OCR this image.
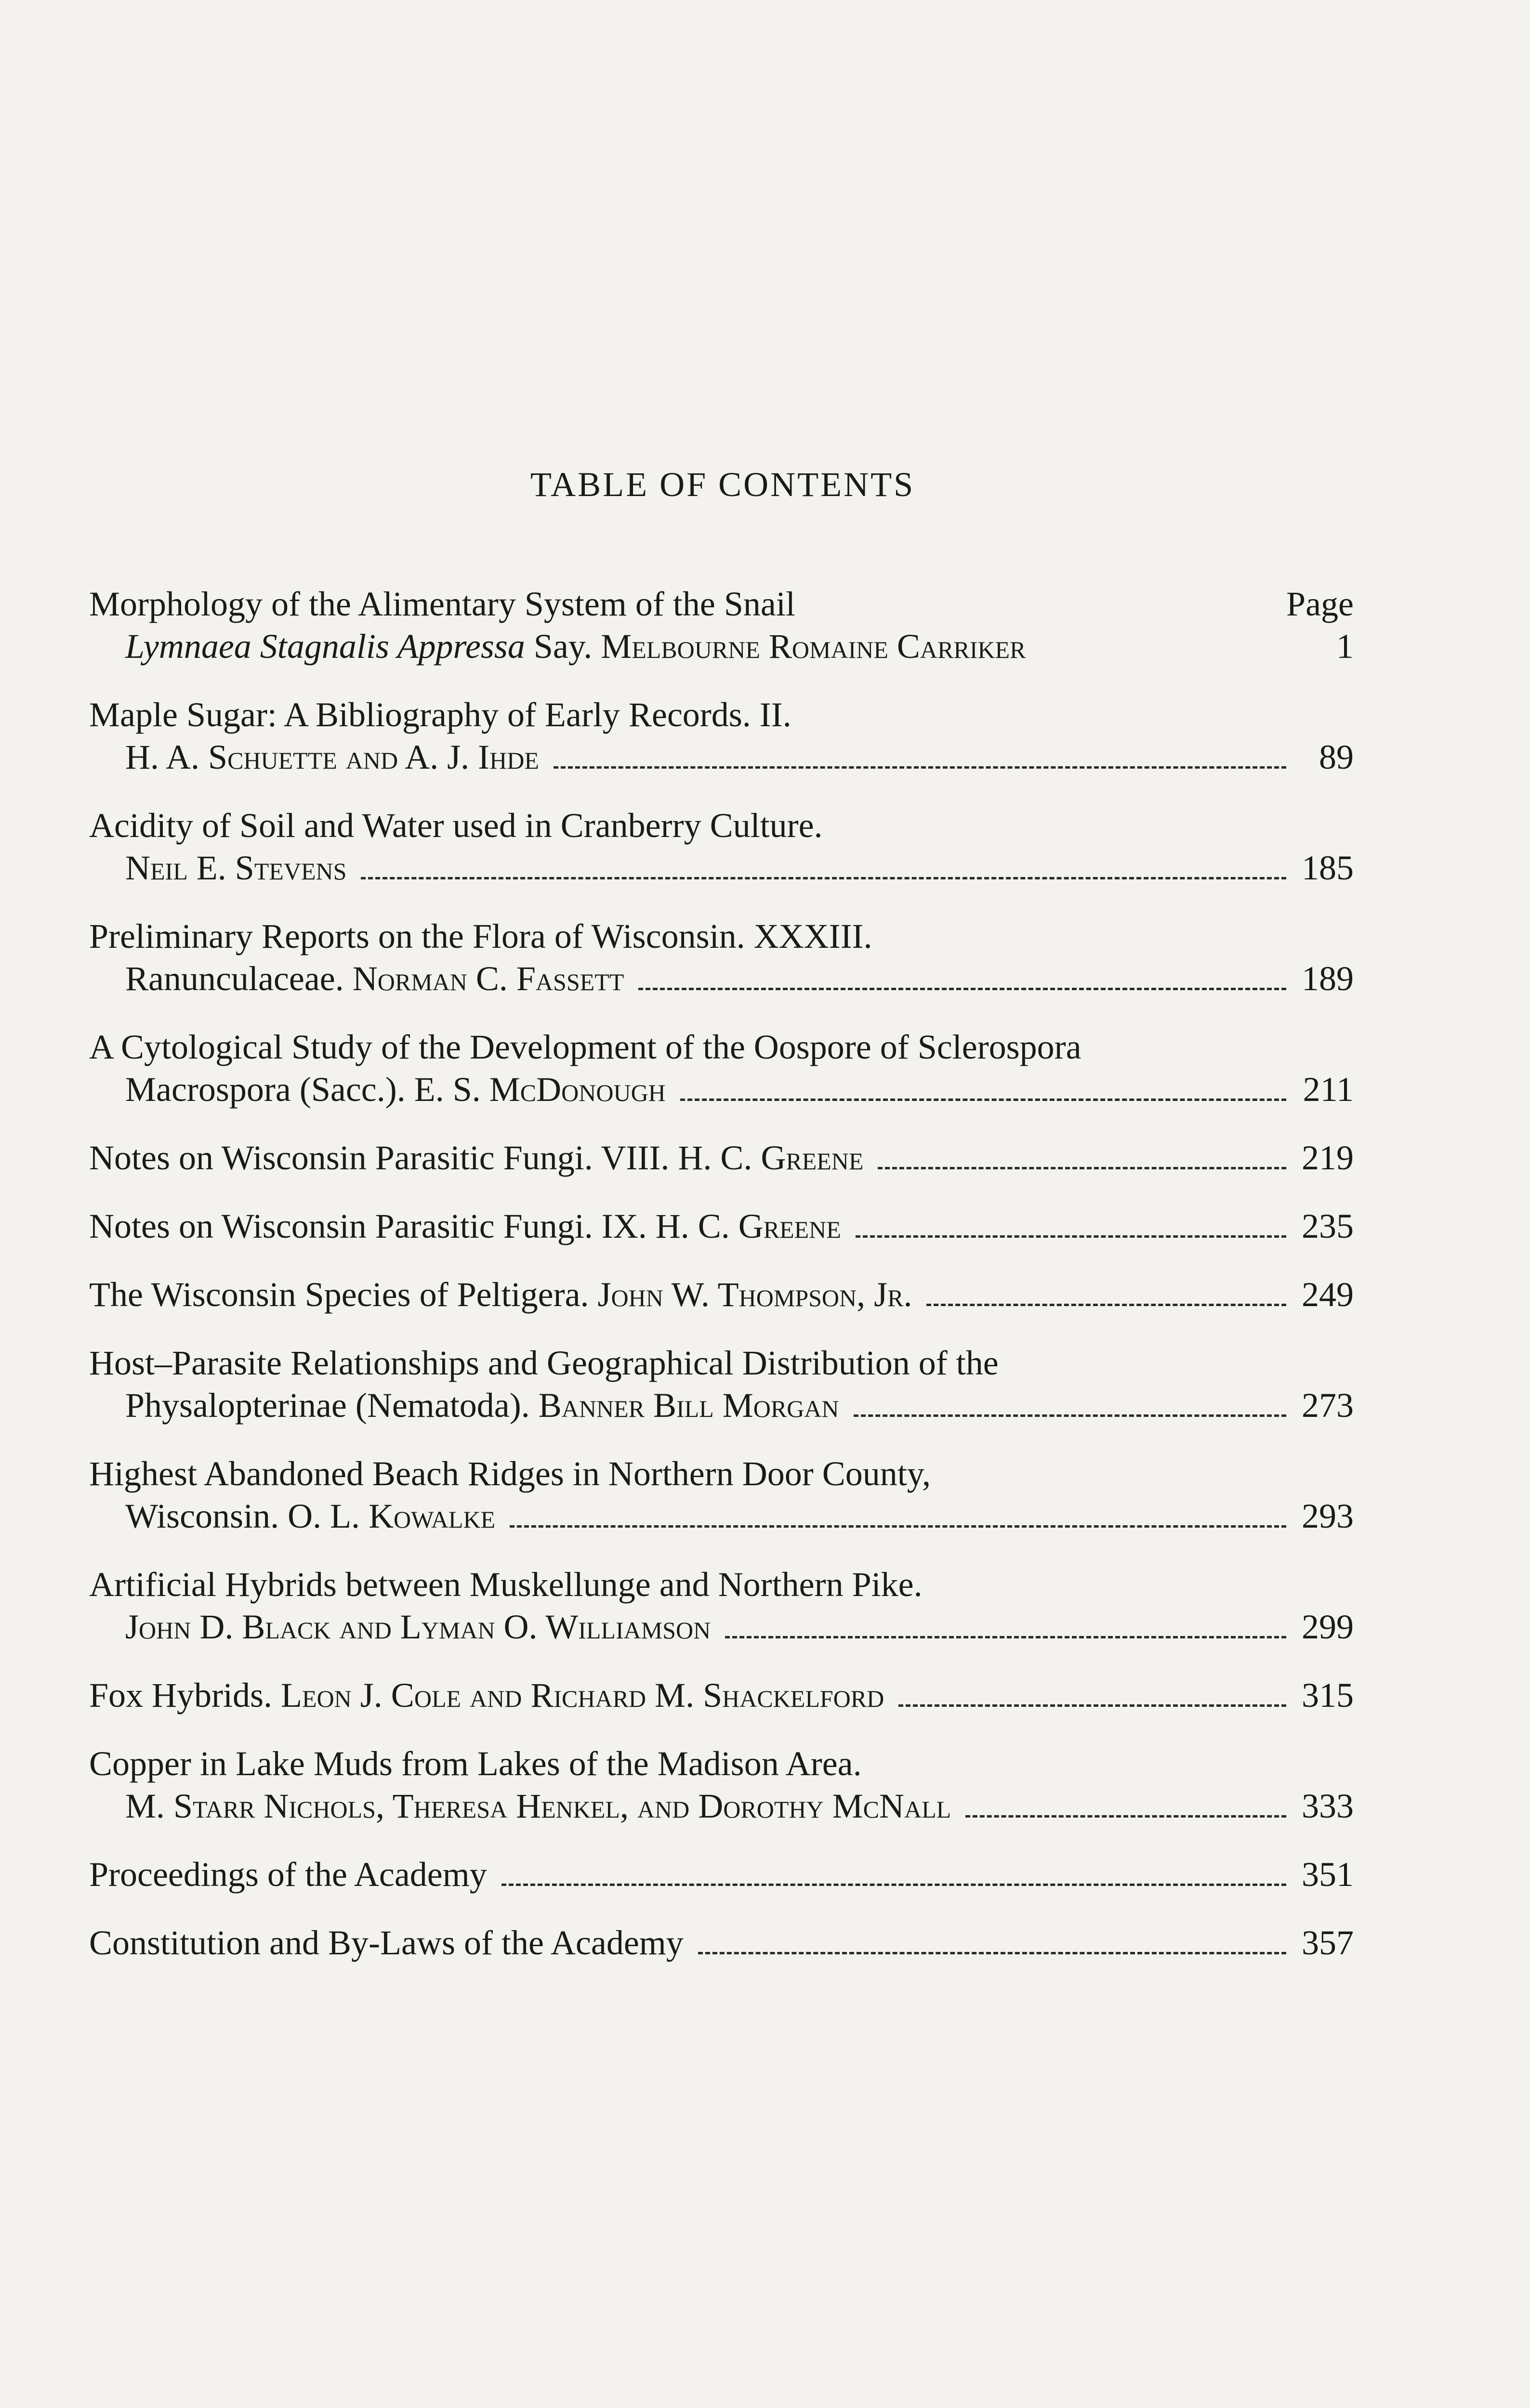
TABLE OF CONTENTS
Morphology of the Alimentary System of the Snail	Page
Lymnaea Stagnalis Appressa Say. Melbourne Romaine Carriker	1
Maple Sugar: A Bibliography of Early Records. II.
H. A. Schuette and A. J. Ihde	89
Acidity of Soil and Water used in Cranberry Culture.
Neil E. Stevens	185
Preliminary Reports on the Flora of Wisconsin. XXXIII.
Ranunculaceae. Norman C. Fassett	189
A Cytological Study of the Development of the Oospore of Sclerospora
Macrospora (Sacc.). E. S. McDonough	211
Notes on Wisconsin Parasitic Fungi. VIII. H. C. Greene	219
Notes on Wisconsin Parasitic Fungi. IX. H. C. Greene	235
The Wisconsin Species of Peltigera. John W. Thompson, Jr.	249
Host–Parasite Relationships and Geographical Distribution of the
Physalopterinae (Nematoda). Banner Bill Morgan	273
Highest Abandoned Beach Ridges in Northern Door County,
Wisconsin. O. L. Kowalke	293
Artificial Hybrids between Muskellunge and Northern Pike.
John D. Black and Lyman O. Williamson	299
Fox Hybrids. Leon J. Cole and Richard M. Shackelford	315
Copper in Lake Muds from Lakes of the Madison Area.
M. Starr Nichols, Theresa Henkel, and Dorothy McNall	333
Proceedings of the Academy	351
Constitution and By-Laws of the Academy	357
